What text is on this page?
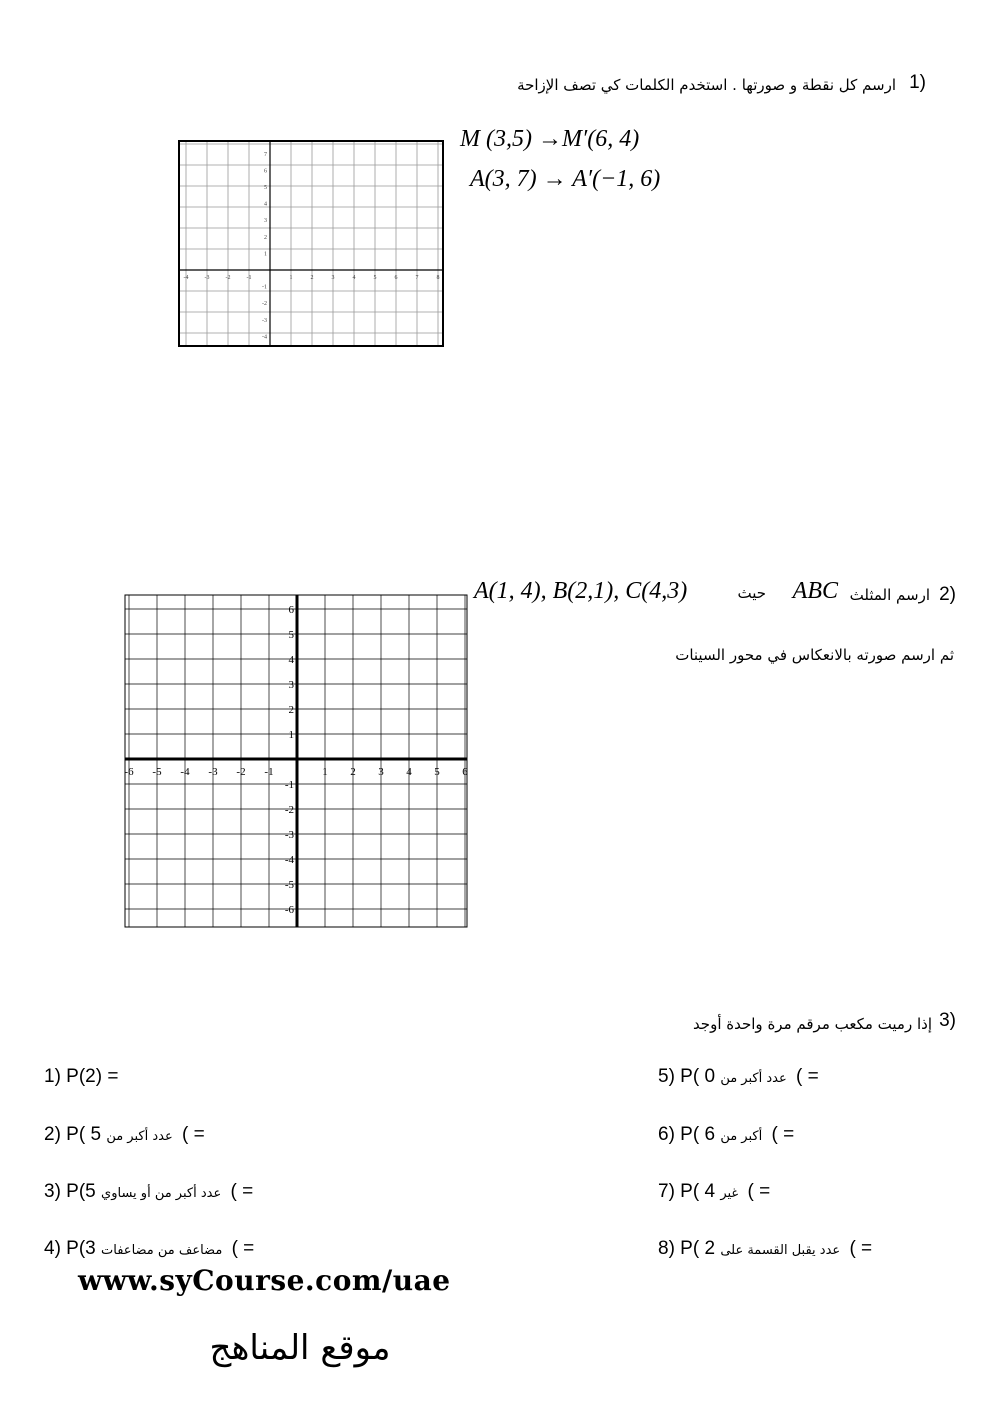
1)
ارسم كل نقطة و صورتها . استخدم الكلمات كي تصف الإزاحة
M (3,5) →M′(6, 4)
A(3, 7) → A′(−1, 6)
-4	-3	-2	-1	1	2	3	4	5	6	7	8
7
6
5
4
3
2
1
-1
-2
-3
-4
2)
ارسم المثلث
ABC
حيث
A(1, 4), B(2,1), C(4,3)
ثم ارسم صورته بالانعكاس في محور السينات
-6 -5 -4 -3 -2 -1	1 2 3 4 5 6
6
5
4
3
2
1
-1
-2
-3
-4
-5
-6
3)
إذا رميت مكعب مرقم مرة واحدة أوجد
1) P(2) =
2) P( 5 عدد أكبر من ( =
3) P(5 عدد أكبر من أو يساوي ( =
4) P(3 مضاعف من مضاعفات ( =
5) P( 0 عدد أكبر من ( =
6) P( 6 أكبر من ( =
7) P( 4 غير ( =
8) P( 2 عدد يقبل القسمة على ( =
www.syCourse.com/uae
موقع المناهج
